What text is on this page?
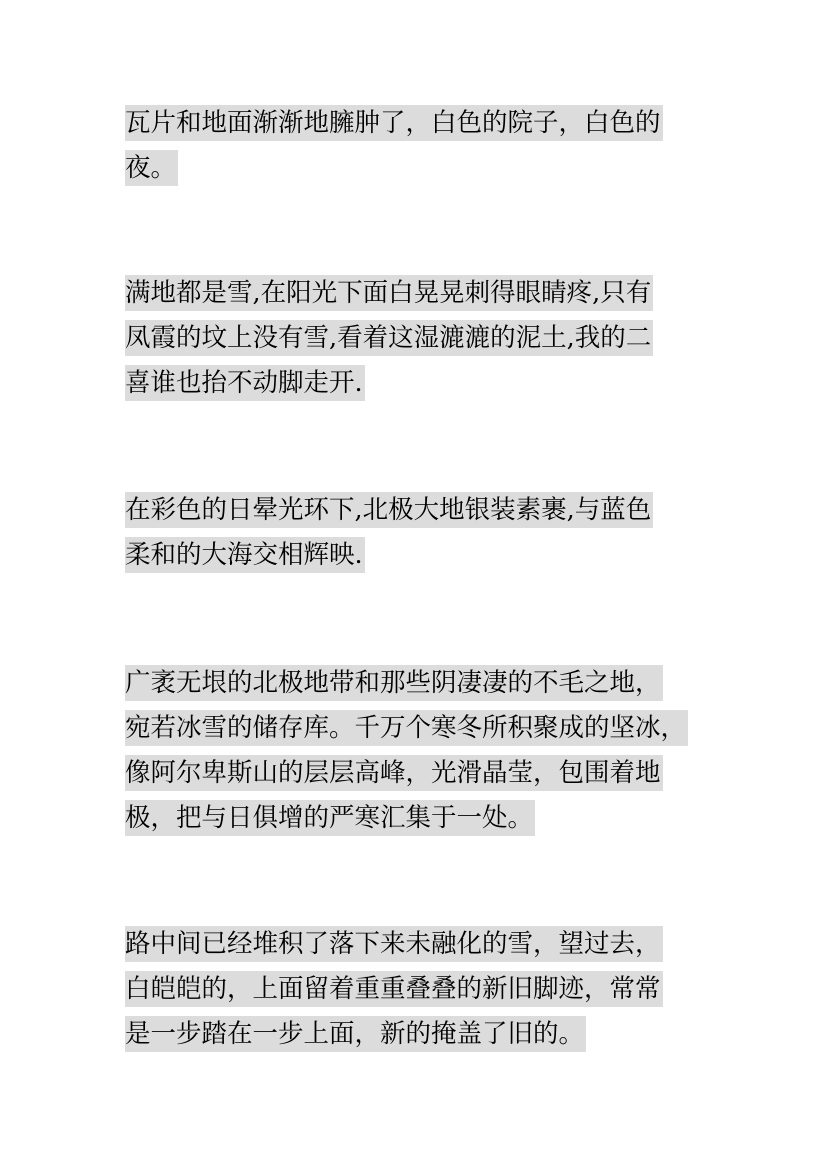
瓦片和地面渐渐地臃肿了，白色的院子，白色的
夜。
满地都是雪,在阳光下面白晃晃刺得眼睛疼,只有
凤霞的坟上没有雪,看着这湿漉漉的泥土,我的二
喜谁也抬不动脚走开.
在彩色的日晕光环下,北极大地银装素裹,与蓝色
柔和的大海交相辉映.
广袤无垠的北极地带和那些阴凄凄的不毛之地，
宛若冰雪的储存库。千万个寒冬所积聚成的坚冰，
像阿尔卑斯山的层层高峰，光滑晶莹，包围着地
极，把与日俱增的严寒汇集于一处。
路中间已经堆积了落下来未融化的雪，望过去，
白皑皑的，上面留着重重叠叠的新旧脚迹，常常
是一步踏在一步上面，新的掩盖了旧的。
